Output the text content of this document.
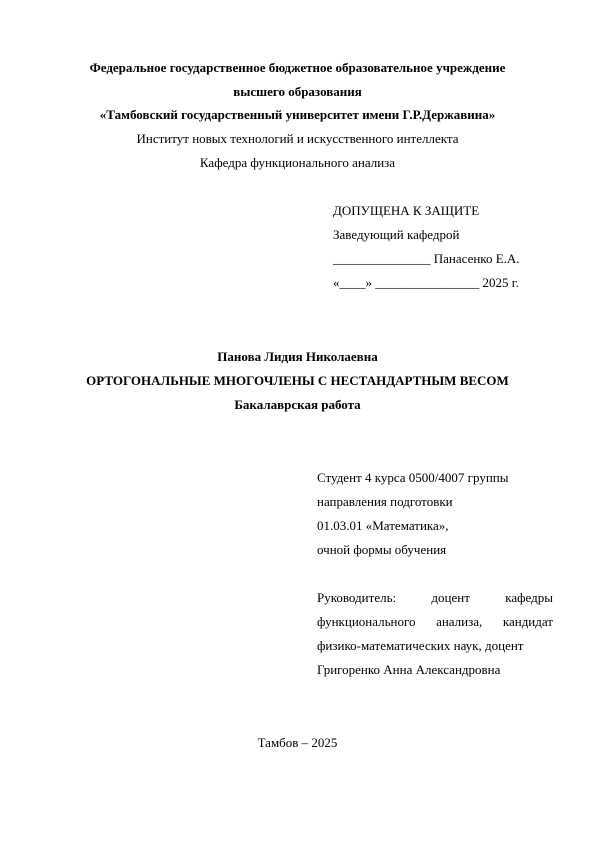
Федеральное государственное бюджетное образовательное учреждение
высшего образования
«Тамбовский государственный университет имени Г.Р.Державина»
Институт новых технологий и искусственного интеллекта
Кафедра функционального анализа
ДОПУЩЕНА К ЗАЩИТЕ
Заведующий кафедрой
_______________ Панасенко Е.А.
«____» ________________ 2025 г.
Панова Лидия Николаевна
ОРТОГОНАЛЬНЫЕ МНОГОЧЛЕНЫ С НЕСТАНДАРТНЫМ ВЕСОМ
Бакалаврская работа
Студент 4 курса 0500/4007 группы
направления подготовки
01.03.01 «Математика»,
очной формы обучения
Руководитель: доцент кафедры
функционального анализа, кандидат
физико-математических наук, доцент
Григоренко Анна Александровна
Тамбов – 2025
